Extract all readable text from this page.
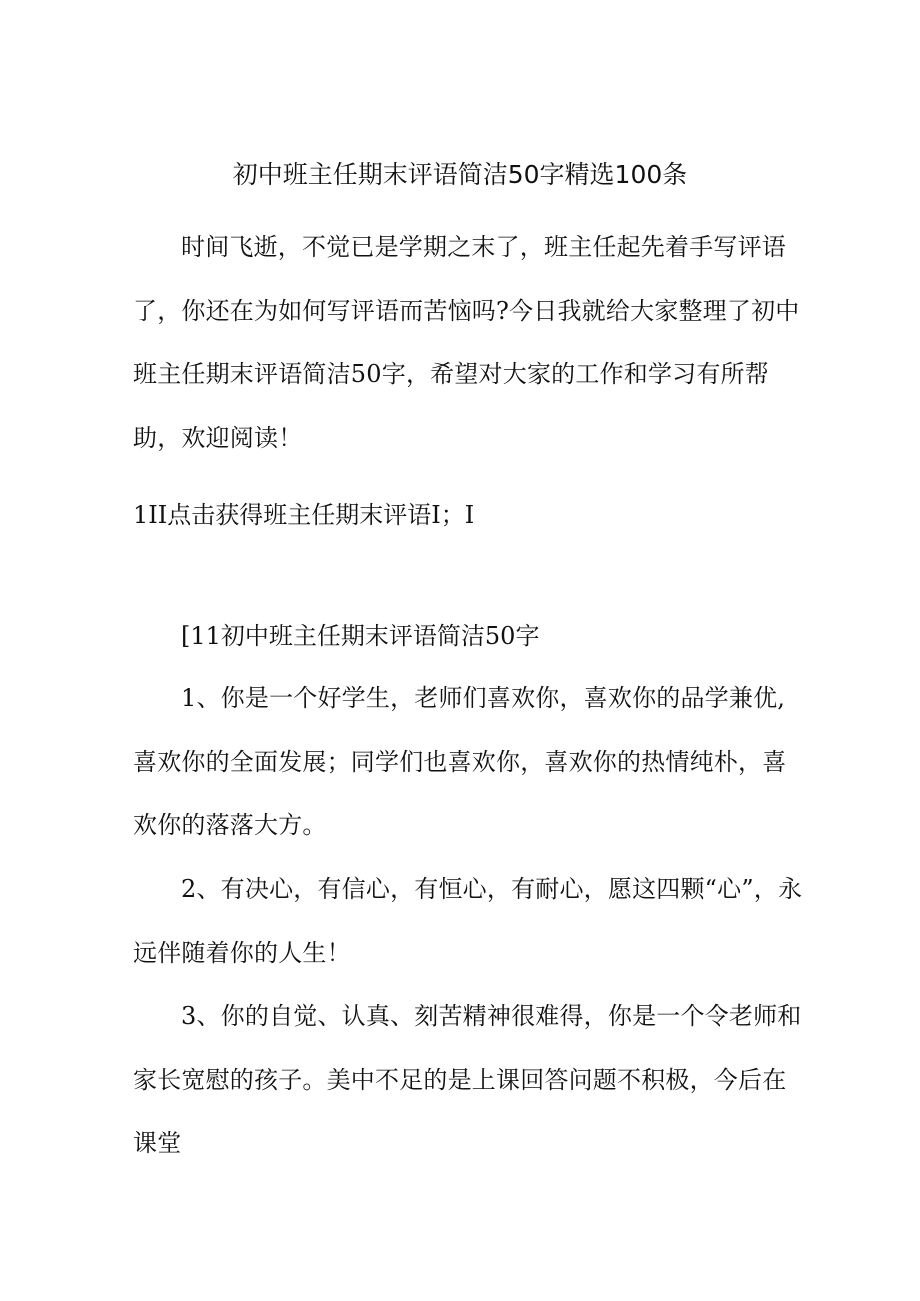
初中班主任期末评语简洁50字精选100条

时间飞逝，不觉已是学期之末了，班主任起先着手写评语了，你还在为如何写评语而苦恼吗?今日我就给大家整理了初中班主任期末评语简洁50字，希望对大家的工作和学习有所帮助，欢迎阅读！

1II点击获得班主任期末评语I；I
[11初中班主任期末评语简洁50字

1、你是一个好学生，老师们喜欢你，喜欢你的品学兼优,喜欢你的全面发展；同学们也喜欢你，喜欢你的热情纯朴，喜欢你的落落大方。

2、有决心，有信心，有恒心，有耐心，愿这四颗“心”，永远伴随着你的人生！

3、你的自觉、认真、刻苦精神很难得，你是一个令老师和家长宽慰的孩子。美中不足的是上课回答问题不积极，今后在课堂
